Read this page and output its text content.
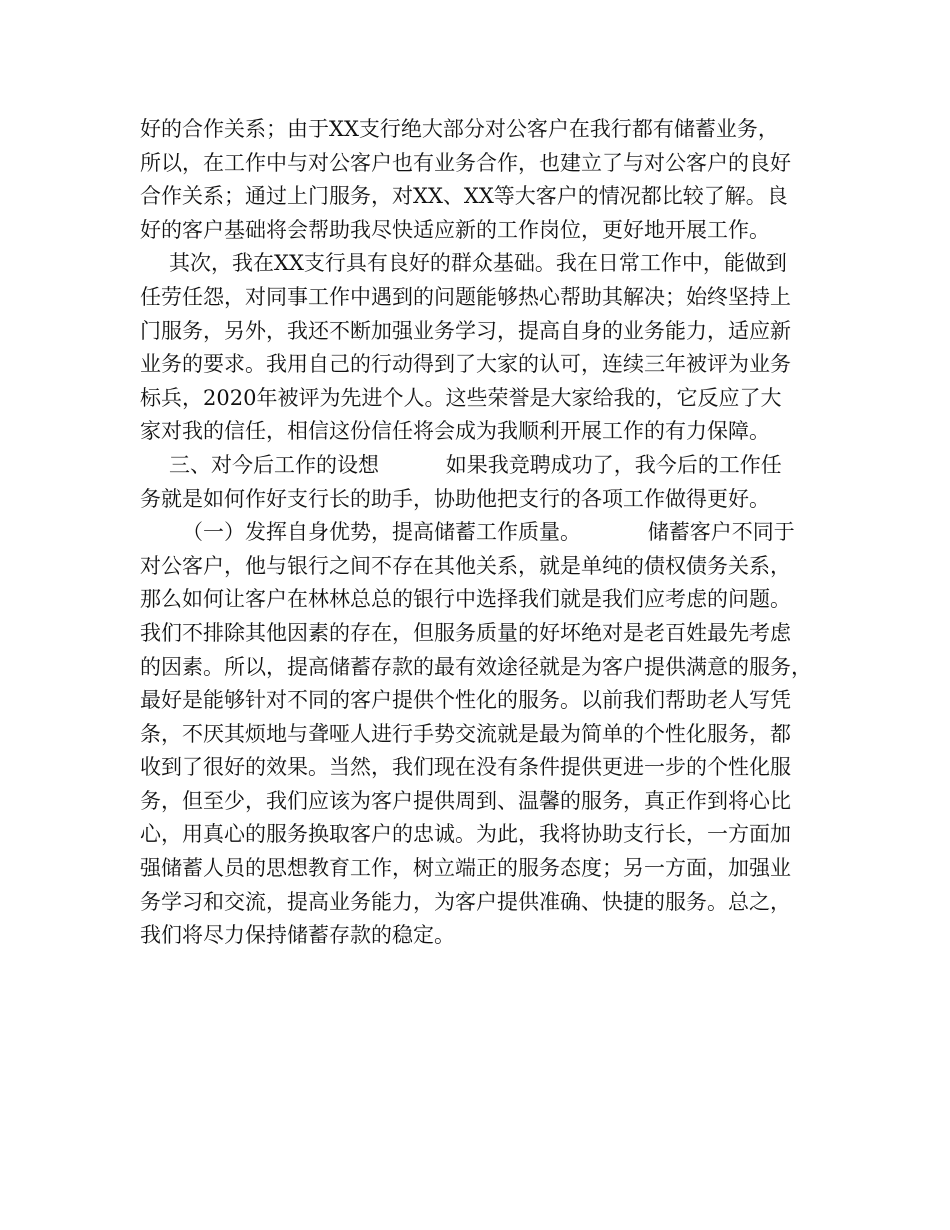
好的合作关系；由于XX支行绝大部分对公客户在我行都有储蓄业务，
所以，在工作中与对公客户也有业务合作，也建立了与对公客户的良好
合作关系；通过上门服务，对XX、XX等大客户的情况都比较了解。良
好的客户基础将会帮助我尽快适应新的工作岗位，更好地开展工作。
其次，我在XX支行具有良好的群众基础。我在日常工作中，能做到
任劳任怨，对同事工作中遇到的问题能够热心帮助其解决；始终坚持上
门服务，另外，我还不断加强业务学习，提高自身的业务能力，适应新
业务的要求。我用自己的行动得到了大家的认可，连续三年被评为业务
标兵，2020年被评为先进个人。这些荣誉是大家给我的，它反应了大
家对我的信任，相信这份信任将会成为我顺利开展工作的有力保障。
三、对今后工作的设想          如果我竞聘成功了，我今后的工作任
务就是如何作好支行长的助手，协助他把支行的各项工作做得更好。
（一）发挥自身优势，提高储蓄工作质量。          储蓄客户不同于
对公客户，他与银行之间不存在其他关系，就是单纯的债权债务关系，
那么如何让客户在林林总总的银行中选择我们就是我们应考虑的问题。
我们不排除其他因素的存在，但服务质量的好坏绝对是老百姓最先考虑
的因素。所以，提高储蓄存款的最有效途径就是为客户提供满意的服务，
最好是能够针对不同的客户提供个性化的服务。以前我们帮助老人写凭
条，不厌其烦地与聋哑人进行手势交流就是最为简单的个性化服务，都
收到了很好的效果。当然，我们现在没有条件提供更进一步的个性化服
务，但至少，我们应该为客户提供周到、温馨的服务，真正作到将心比
心，用真心的服务换取客户的忠诚。为此，我将协助支行长，一方面加
强储蓄人员的思想教育工作，树立端正的服务态度；另一方面，加强业
务学习和交流，提高业务能力，为客户提供准确、快捷的服务。总之，
我们将尽力保持储蓄存款的稳定。
